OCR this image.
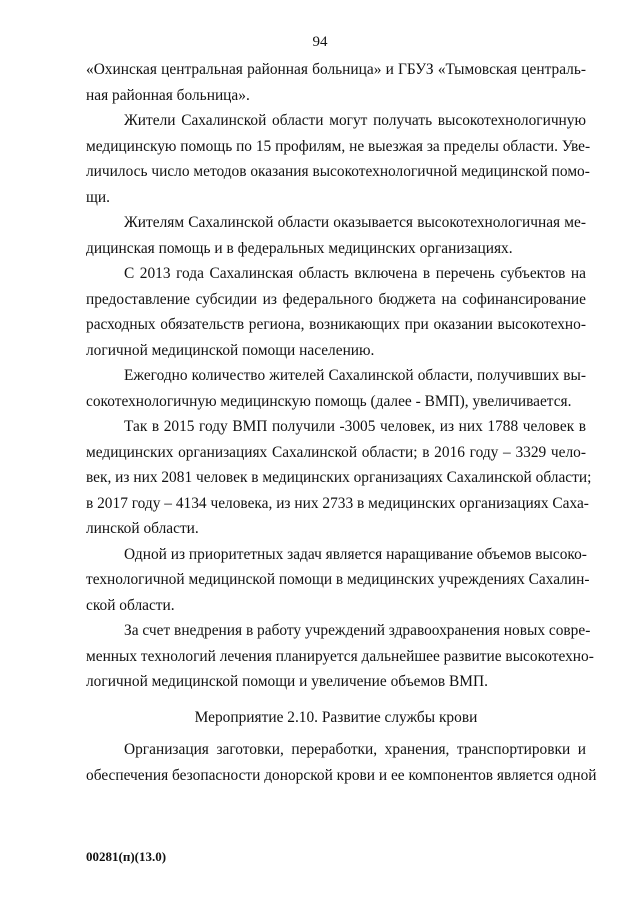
94
«Охинская центральная районная больница» и ГБУЗ «Тымовская централь-
ная районная больница».
Жители Сахалинской области могут получать высокотехнологичную
медицинскую помощь по 15 профилям, не выезжая за пределы области. Уве-
личилось число методов оказания высокотехнологичной медицинской помо-
щи.
Жителям Сахалинской области оказывается высокотехнологичная ме-
дицинская помощь и в федеральных медицинских организациях.
С 2013 года Сахалинская область включена в перечень субъектов на
предоставление субсидии из федерального бюджета на софинансирование
расходных обязательств региона, возникающих при оказании высокотехно-
логичной медицинской помощи населению.
Ежегодно количество жителей Сахалинской области, получивших вы-
сокотехнологичную медицинскую помощь (далее - ВМП), увеличивается.
Так в 2015 году ВМП получили -3005 человек, из них 1788 человек в
медицинских организациях Сахалинской области; в 2016 году – 3329 чело-
век, из них 2081 человек в медицинских организациях Сахалинской области;
в 2017 году – 4134 человека, из них 2733 в медицинских организациях Саха-
линской области.
Одной из приоритетных задач является наращивание объемов высоко-
технологичной медицинской помощи в медицинских учреждениях Сахалин-
ской области.
За счет внедрения в работу учреждений здравоохранения новых совре-
менных технологий лечения планируется дальнейшее развитие высокотехно-
логичной медицинской помощи и увеличение объемов ВМП.
Мероприятие 2.10. Развитие службы крови
Организация заготовки, переработки, хранения, транспортировки и
обеспечения безопасности донорской крови и ее компонентов является одной
00281(п)(13.0)
